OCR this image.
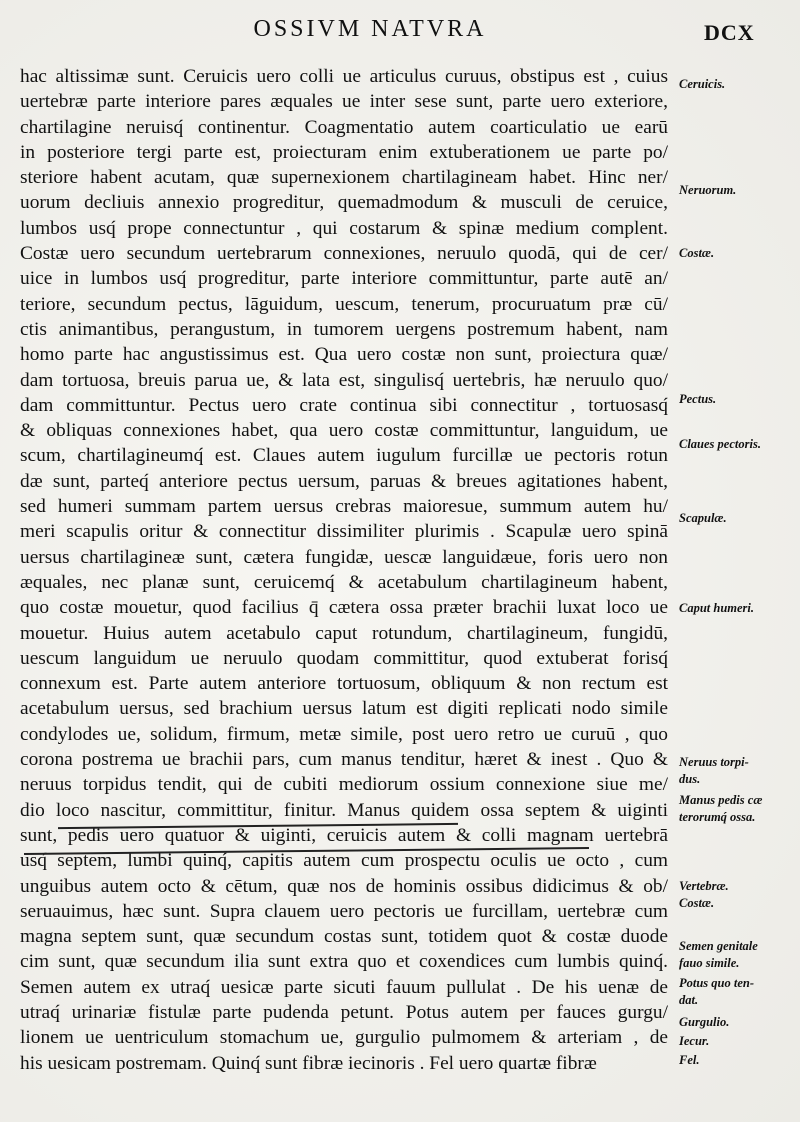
OSSIVM NATVRA	DCX
hac altissimæ sunt. Ceruicis uero colli ue articulus curuus, obstipus est , cuius
uertebræ parte interiore pares æquales ue inter sese sunt, parte uero exteriore,
chartilagine neruisq́ continentur. Coagmentatio autem coarticulatio ue earū
in posteriore tergi parte est, proiecturam enim extuberationem ue parte po/
steriore habent acutam, quæ supernexionem chartilagineam habet. Hinc ner/
uorum decliuis annexio progreditur, quemadmodum & musculi de ceruice,
lumbos usq́ prope connectuntur , qui costarum & spinæ medium complent.
Costæ uero secundum uertebrarum connexiones, neruulo quodā, qui de cer/
uice in lumbos usq́ progreditur, parte interiore committuntur, parte autē an/
teriore, secundum pectus, lāguidum, uescum, tenerum, procuruatum præ cū/
ctis animantibus, perangustum, in tumorem uergens postremum habent, nam
homo parte hac angustissimus est. Qua uero costæ non sunt, proiectura quæ/
dam tortuosa, breuis parua ue, & lata est, singulisq́ uertebris, hæ neruulo quo/
dam committuntur. Pectus uero crate continua sibi connectitur , tortuosasq́
& obliquas connexiones habet, qua uero costæ committuntur, languidum, ue
scum, chartilagineumq́ est. Claues autem iugulum furcillæ ue pectoris rotun
dæ sunt, parteq́ anteriore pectus uersum, paruas & breues agitationes habent,
sed humeri summam partem uersus crebras maioresue, summum autem hu/
meri scapulis oritur & connectitur dissimiliter plurimis . Scapulæ uero spinā
uersus chartilagineæ sunt, cætera fungidæ, uescæ languidæue, foris uero non
æquales, nec planæ sunt, ceruicemq́ & acetabulum chartilagineum habent,
quo costæ mouetur, quod facilius q̄ cætera ossa præter brachii luxat loco ue
mouetur. Huius autem acetabulo caput rotundum, chartilagineum, fungidū,
uescum languidum ue neruulo quodam committitur, quod extuberat forisq́
connexum est. Parte autem anteriore tortuosum, obliquum & non rectum est
acetabulum uersus, sed brachium uersus latum est digiti replicati nodo simile
condylodes ue, solidum, firmum, metæ simile, post uero retro ue curuū , quo
corona postrema ue brachii pars, cum manus tenditur, hæret & inest . Quo &
neruus torpidus tendit, qui de cubiti mediorum ossium connexione siue me/
dio loco nascitur, committitur, finitur. Manus quidem ossa septem & uiginti
sunt, pedis uero quatuor & uiginti, ceruicis autem & colli magnam uertebrā
usq́ septem, lumbi quinq́, capitis autem cum prospectu oculis ue octo , cum
unguibus autem octo & cētum, quæ nos de hominis ossibus didicimus & ob/
seruauimus, hæc sunt. Supra clauem uero pectoris ue furcillam, uertebræ cum
magna septem sunt, quæ secundum costas sunt, totidem quot & costæ duode
cim sunt, quæ secundum ilia sunt extra quo et coxendices cum lumbis quinq́.
Semen autem ex utraq́ uesicæ parte sicuti fauum pullulat . De his uenæ de
utraq́ urinariæ fistulæ parte pudenda petunt. Potus autem per fauces gurgu/
lionem ue uentriculum stomachum ue, gurgulio pulmomem & arteriam , de
his uesicam postremam. Quinq́ sunt fibræ iecinoris . Fel uero quartæ fibræ
Ceruicis.
Neruorum.
Costæ.
Pectus.
Claues pectoris.
Scapulæ.
Caput humeri.
Neruus torpi-
dus.
Manus pedis cæ
terorumq́ ossa.
Vertebræ.
Costæ.
Semen genitale
fauo simile.
Potus quo ten-
dat.
Gurgulio.
Iecur.
Fel.
